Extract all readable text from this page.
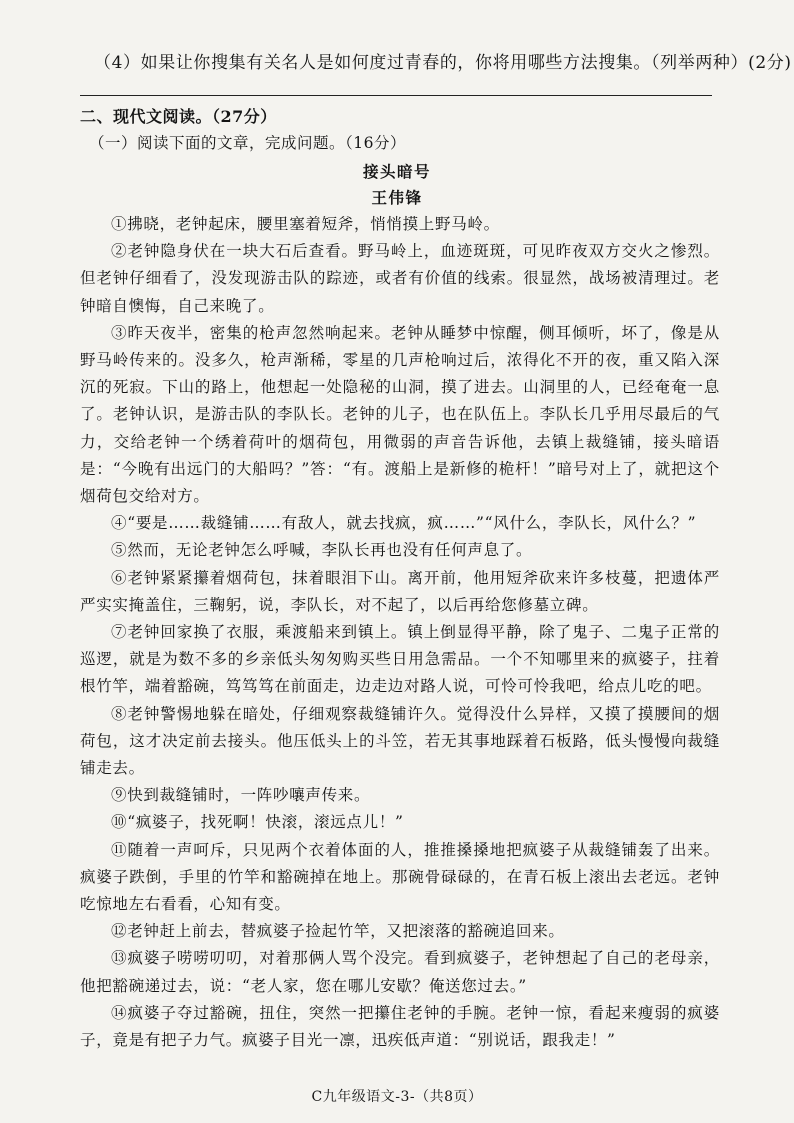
（4）如果让你搜集有关名人是如何度过青春的，你将用哪些方法搜集。（列举两种）(2分)
二、现代文阅读。（27分）
（一）阅读下面的文章，完成问题。（16分）
接头暗号
王伟锋

①拂晓，老钟起床，腰里塞着短斧，悄悄摸上野马岭。

②老钟隐身伏在一块大石后查看。野马岭上，血迹斑斑，可见昨夜双方交火之惨烈。但老钟仔细看了，没发现游击队的踪迹，或者有价值的线索。很显然，战场被清理过。老钟暗自懊悔，自己来晚了。

③昨天夜半，密集的枪声忽然响起来。老钟从睡梦中惊醒，侧耳倾听，坏了，像是从野马岭传来的。没多久，枪声渐稀，零星的几声枪响过后，浓得化不开的夜，重又陷入深沉的死寂。下山的路上，他想起一处隐秘的山洞，摸了进去。山洞里的人，已经奄奄一息了。老钟认识，是游击队的李队长。老钟的儿子，也在队伍上。李队长几乎用尽最后的气力，交给老钟一个绣着荷叶的烟荷包，用微弱的声音告诉他，去镇上裁缝铺，接头暗语是：“今晚有出远门的大船吗？”答：“有。渡船上是新修的桅杆！”暗号对上了，就把这个烟荷包交给对方。

④“要是……裁缝铺……有敌人，就去找疯，疯……”“风什么，李队长，风什么？”

⑤然而，无论老钟怎么呼喊，李队长再也没有任何声息了。

⑥老钟紧紧攥着烟荷包，抹着眼泪下山。离开前，他用短斧砍来许多枝蔓，把遗体严严实实掩盖住，三鞠躬，说，李队长，对不起了，以后再给您修墓立碑。

⑦老钟回家换了衣服，乘渡船来到镇上。镇上倒显得平静，除了鬼子、二鬼子正常的巡逻，就是为数不多的乡亲低头匆匆购买些日用急需品。一个不知哪里来的疯婆子，拄着根竹竿，端着豁碗，笃笃笃在前面走，边走边对路人说，可怜可怜我吧，给点儿吃的吧。

⑧老钟警惕地躲在暗处，仔细观察裁缝铺许久。觉得没什么异样，又摸了摸腰间的烟荷包，这才决定前去接头。他压低头上的斗笠，若无其事地踩着石板路，低头慢慢向裁缝铺走去。

⑨快到裁缝铺时，一阵吵嚷声传来。

⑩“疯婆子，找死啊！快滚，滚远点儿！”

⑪随着一声呵斥，只见两个衣着体面的人，推推搡搡地把疯婆子从裁缝铺轰了出来。疯婆子跌倒，手里的竹竿和豁碗掉在地上。那碗骨碌碌的，在青石板上滚出去老远。老钟吃惊地左右看看，心知有变。

⑫老钟赶上前去，替疯婆子捡起竹竿，又把滚落的豁碗追回来。

⑬疯婆子唠唠叨叨，对着那俩人骂个没完。看到疯婆子，老钟想起了自己的老母亲，他把豁碗递过去，说：“老人家，您在哪儿安歇？俺送您过去。”

⑭疯婆子夺过豁碗，扭住，突然一把攥住老钟的手腕。老钟一惊，看起来瘦弱的疯婆子，竟是有把子力气。疯婆子目光一凛，迅疾低声道：“别说话，跟我走！”

C九年级语文-3-（共8页）
